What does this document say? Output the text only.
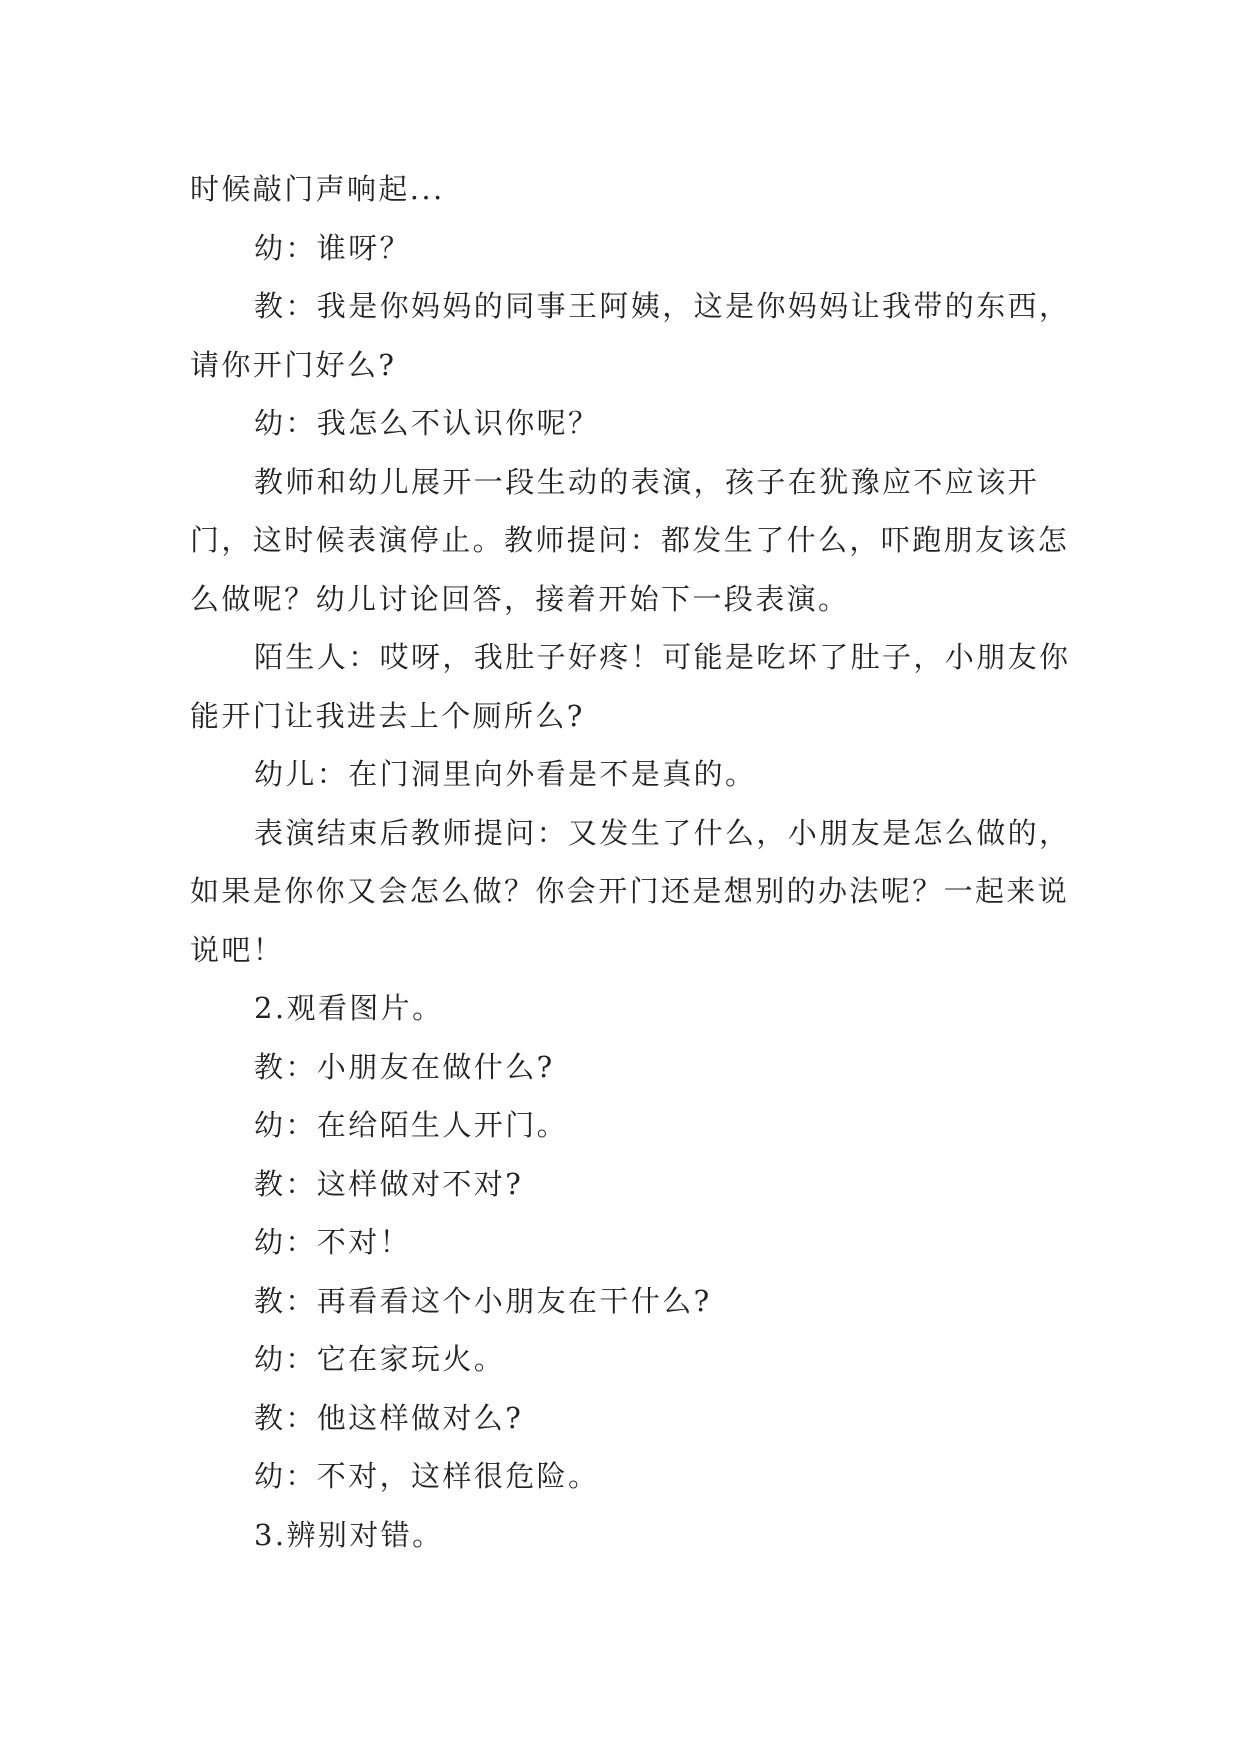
时候敲门声响起...

幼：谁呀？

教：我是你妈妈的同事王阿姨，这是你妈妈让我带的东西，请你开门好么?

幼：我怎么不认识你呢？

教师和幼儿展开一段生动的表演，孩子在犹豫应不应该开门，这时候表演停止。教师提问：都发生了什么，吓跑朋友该怎么做呢？幼儿讨论回答，接着开始下一段表演。

陌生人：哎呀，我肚子好疼！可能是吃坏了肚子，小朋友你能开门让我进去上个厕所么?

幼儿：在门洞里向外看是不是真的。

表演结束后教师提问：又发生了什么，小朋友是怎么做的，如果是你你又会怎么做？你会开门还是想别的办法呢？一起来说说吧！

2.观看图片。

教：小朋友在做什么?

幼：在给陌生人开门。

教：这样做对不对?

幼：不对！

教：再看看这个小朋友在干什么?

幼：它在家玩火。

教：他这样做对么?

幼：不对，这样很危险。

3.辨别对错。
